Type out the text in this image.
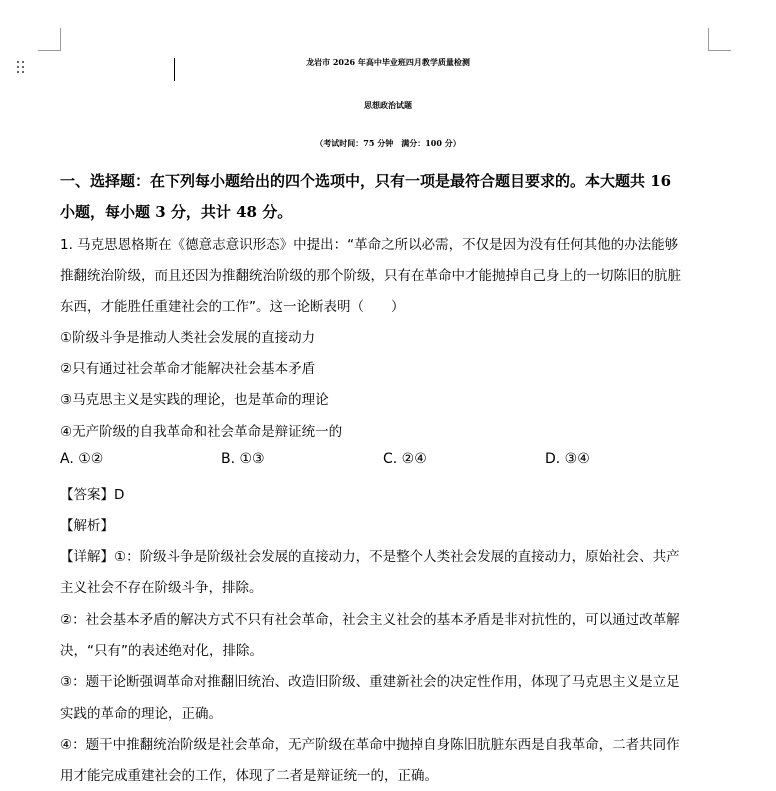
龙岩市 2026 年高中毕业班四月教学质量检测
思想政治试题
（考试时间：75 分钟　满分：100 分）
一、选择题：在下列每小题给出的四个选项中，只有一项是最符合题目要求的。本大题共 16
小题，每小题 3 分，共计 48 分。
1. 马克思恩格斯在《德意志意识形态》中提出：“革命之所以必需，不仅是因为没有任何其他的办法能够
推翻统治阶级，而且还因为推翻统治阶级的那个阶级，只有在革命中才能抛掉自己身上的一切陈旧的肮脏
东西，才能胜任重建社会的工作”。这一论断表明（　　）
①阶级斗争是推动人类社会发展的直接动力
②只有通过社会革命才能解决社会基本矛盾
③马克思主义是实践的理论，也是革命的理论
④无产阶级的自我革命和社会革命是辩证统一的
A. ①②	B. ①③	C. ②④	D. ③④
【答案】D
【解析】
【详解】①：阶级斗争是阶级社会发展的直接动力，不是整个人类社会发展的直接动力，原始社会、共产
主义社会不存在阶级斗争，排除。
②：社会基本矛盾的解决方式不只有社会革命，社会主义社会的基本矛盾是非对抗性的，可以通过改革解
决，“只有”的表述绝对化，排除。
③：题干论断强调革命对推翻旧统治、改造旧阶级、重建新社会的决定性作用，体现了马克思主义是立足
实践的革命的理论，正确。
④：题干中推翻统治阶级是社会革命，无产阶级在革命中抛掉自身陈旧肮脏东西是自我革命，二者共同作
用才能完成重建社会的工作，体现了二者是辩证统一的，正确。
